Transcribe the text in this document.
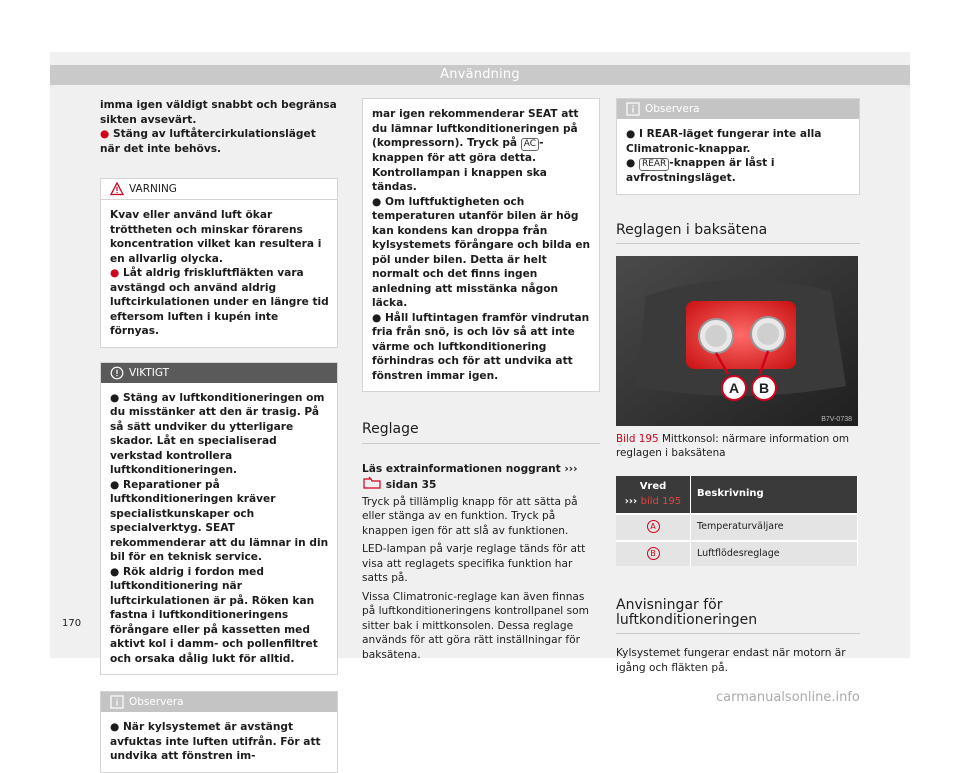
Användning

imma igen väldigt snabbt och begränsa sikten avsevärt.

● Stäng av luftåtercirkulationsläget när det inte behövs.

VARNING

Kvav eller använd luft ökar tröttheten och minskar förarens koncentration vilket kan resultera i en allvarlig olycka.

● Låt aldrig friskluftfläkten vara avstängd och använd aldrig luftcirkulationen under en längre tid eftersom luften i kupén inte förnyas.

VIKTIGT

● Stäng av luftkonditioneringen om du misstänker att den är trasig. På så sätt undviker du ytterligare skador. Låt en specialiserad verkstad kontrollera luftkonditioneringen.

● Reparationer på luftkonditioneringen kräver specialistkunskaper och specialverktyg. SEAT rekommenderar att du lämnar in din bil för en teknisk service.

● Rök aldrig i fordon med luftkonditionering när luftcirkulationen är på. Röken kan fastna i luftkonditioneringens förångare eller på kassetten med aktivt kol i damm- och pollenfiltret och orsaka dålig lukt för alltid.

Observera

● När kylsystemet är avstängt avfuktas inte luften utifrån. För att undvika att fönstren im-

mar igen rekommenderar SEAT att du lämnar luftkonditioneringen på (kompressorn). Tryck på AC -knappen för att göra detta. Kontrollampan i knappen ska tändas.

● Om luftfuktigheten och temperaturen utanför bilen är hög kan kondens kan droppa från kylsystemets förångare och bilda en pöl under bilen. Detta är helt normalt och det finns ingen anledning att misstänka någon läcka.

● Håll luftintagen framför vindrutan fria från snö, is och löv så att inte värme och luftkonditionering förhindras och för att undvika att fönstren immar igen.

Reglage

Läs extrainformationen noggrant ›››  sidan 35

Tryck på tillämplig knapp för att sätta på eller stänga av en funktion. Tryck på knappen igen för att slå av funktionen.

LED-lampan på varje reglage tänds för att visa att reglagets specifika funktion har satts på.

Vissa Climatronic-reglage kan även finnas på luftkonditioneringens kontrollpanel som sitter bak i mittkonsolen. Dessa reglage används för att göra rätt inställningar för baksätena.

Observera

● I REAR-läget fungerar inte alla Climatronic-knappar.

● REAR -knappen är låst i avfrostningsläget.

Reglagen i baksätena
A B
B7V-0738

Bild 195 Mittkonsol: närmare information om reglagen i baksätena

Vred
››› bild 195	Beskrivning
A	Temperaturväljare
B	Luftflödesreglage
Anvisningar för luftkonditioneringen

Kylsystemet fungerar endast när motorn är igång och fläkten på.

170
carmanualsonline.info
